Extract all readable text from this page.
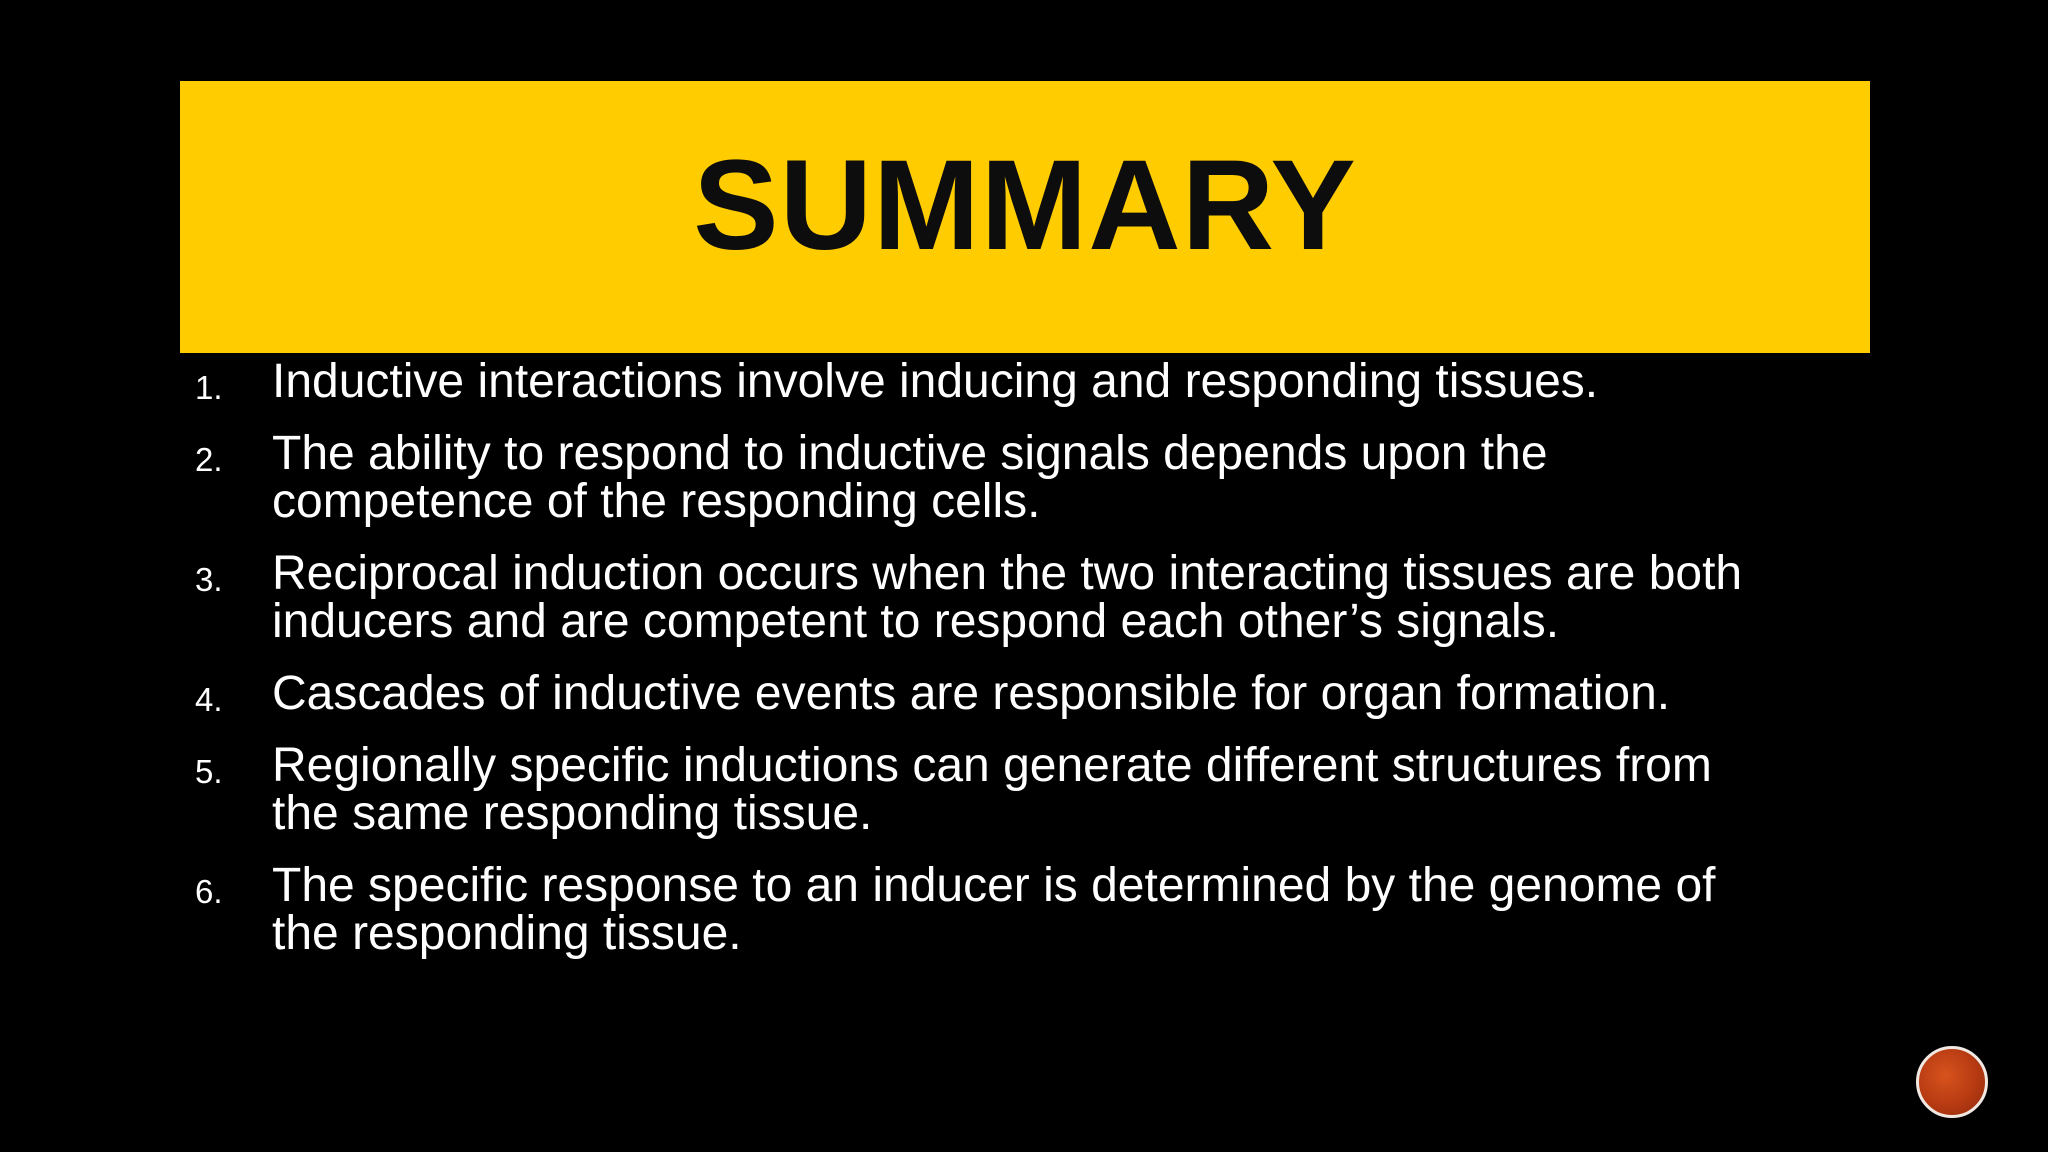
SUMMARY
1.	Inductive interactions involve inducing and responding tissues.
2.	The ability to respond to inductive signals depends upon the
competence of the responding cells.
3.	Reciprocal induction occurs when the two interacting tissues are both
inducers and are competent to respond each other’s signals.
4.	Cascades of inductive events are responsible for organ formation.
5.	Regionally specific inductions can generate different structures from
the same responding tissue.
6.	The specific response to an inducer is determined by the genome of
the responding tissue.
